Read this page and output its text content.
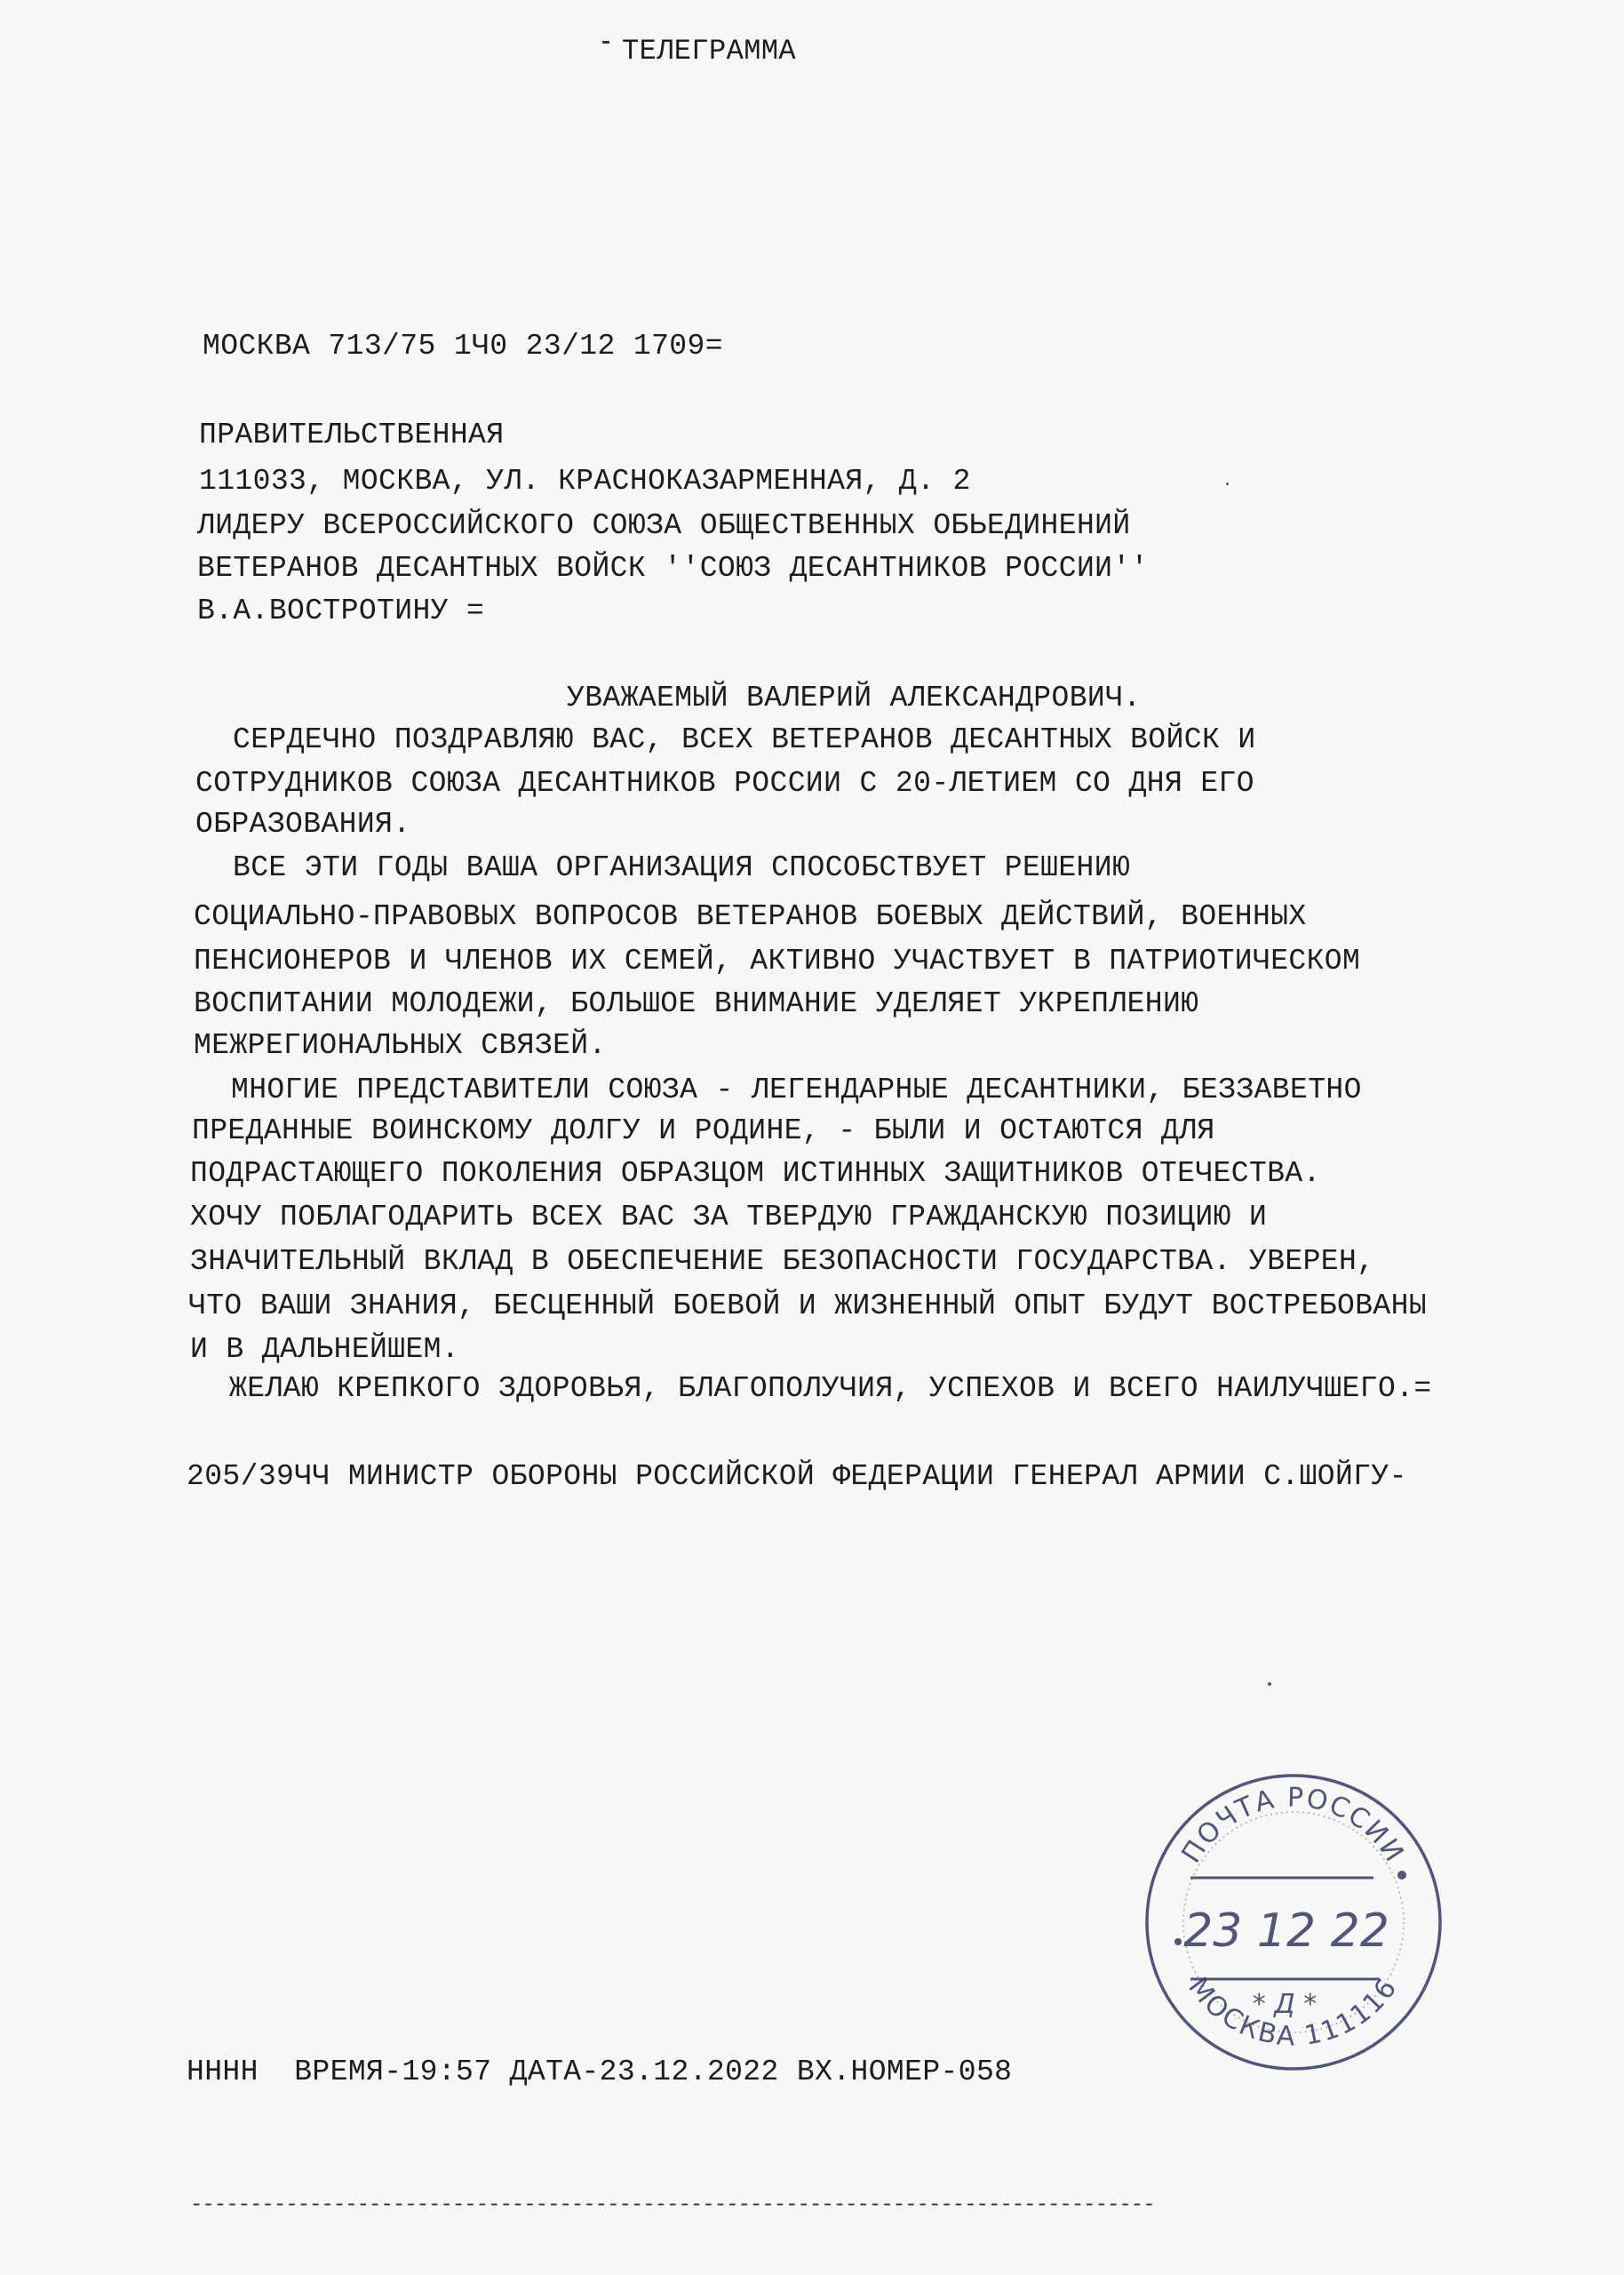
ТЕЛЕГРАММА
МОСКВА 713/75 1Ч0 23/12 1709=
ПРАВИТЕЛЬСТВЕННАЯ
111033, МОСКВА, УЛ. КРАСНОКАЗАРМЕННАЯ, Д. 2
ЛИДЕРУ ВСЕРОССИЙСКОГО СОЮЗА ОБЩЕСТВЕННЫХ ОБЬЕДИНЕНИЙ
ВЕТЕРАНОВ ДЕСАНТНЫХ ВОЙСК ''СОЮЗ ДЕСАНТНИКОВ РОССИИ''
В.А.ВОСТРОТИНУ =
УВАЖАЕМЫЙ ВАЛЕРИЙ АЛЕКСАНДРОВИЧ.
СЕРДЕЧНО ПОЗДРАВЛЯЮ ВАС, ВСЕХ ВЕТЕРАНОВ ДЕСАНТНЫХ ВОЙСК И
СОТРУДНИКОВ СОЮЗА ДЕСАНТНИКОВ РОССИИ С 20-ЛЕТИЕМ СО ДНЯ ЕГО
ОБРАЗОВАНИЯ.
ВСЕ ЭТИ ГОДЫ ВАША ОРГАНИЗАЦИЯ СПОСОБСТВУЕТ РЕШЕНИЮ
СОЦИАЛЬНО-ПРАВОВЫХ ВОПРОСОВ ВЕТЕРАНОВ БОЕВЫХ ДЕЙСТВИЙ, ВОЕННЫХ
ПЕНСИОНЕРОВ И ЧЛЕНОВ ИХ СЕМЕЙ, АКТИВНО УЧАСТВУЕТ В ПАТРИОТИЧЕСКОМ
ВОСПИТАНИИ МОЛОДЕЖИ, БОЛЬШОЕ ВНИМАНИЕ УДЕЛЯЕТ УКРЕПЛЕНИЮ
МЕЖРЕГИОНАЛЬНЫХ СВЯЗЕЙ.
МНОГИЕ ПРЕДСТАВИТЕЛИ СОЮЗА - ЛЕГЕНДАРНЫЕ ДЕСАНТНИКИ, БЕЗЗАВЕТНО
ПРЕДАННЫЕ ВОИНСКОМУ ДОЛГУ И РОДИНЕ, - БЫЛИ И ОСТАЮТСЯ ДЛЯ
ПОДРАСТАЮЩЕГО ПОКОЛЕНИЯ ОБРАЗЦОМ ИСТИННЫХ ЗАЩИТНИКОВ ОТЕЧЕСТВА.
ХОЧУ ПОБЛАГОДАРИТЬ ВСЕХ ВАС ЗА ТВЕРДУЮ ГРАЖДАНСКУЮ ПОЗИЦИЮ И
ЗНАЧИТЕЛЬНЫЙ ВКЛАД В ОБЕСПЕЧЕНИЕ БЕЗОПАСНОСТИ ГОСУДАРСТВА. УВЕРЕН,
ЧТО ВАШИ ЗНАНИЯ, БЕСЦЕННЫЙ БОЕВОЙ И ЖИЗНЕННЫЙ ОПЫТ БУДУТ ВОСТРЕБОВАНЫ
И В ДАЛЬНЕЙШЕМ.
ЖЕЛАЮ КРЕПКОГО ЗДОРОВЬЯ, БЛАГОПОЛУЧИЯ, УСПЕХОВ И ВСЕГО НАИЛУЧШЕГО.=
205/39ЧЧ МИНИСТР ОБОРОНЫ РОССИЙСКОЙ ФЕДЕРАЦИИ ГЕНЕРАЛ АРМИИ С.ШОЙГУ-
ПОЧТА РОССИИ
23 12 22
* Д *
МОСКВА 111116
НННН  ВРЕМЯ-19:57 ДАТА-23.12.2022 ВХ.НОМЕР-058
---------------------------------------------------------------------------------
